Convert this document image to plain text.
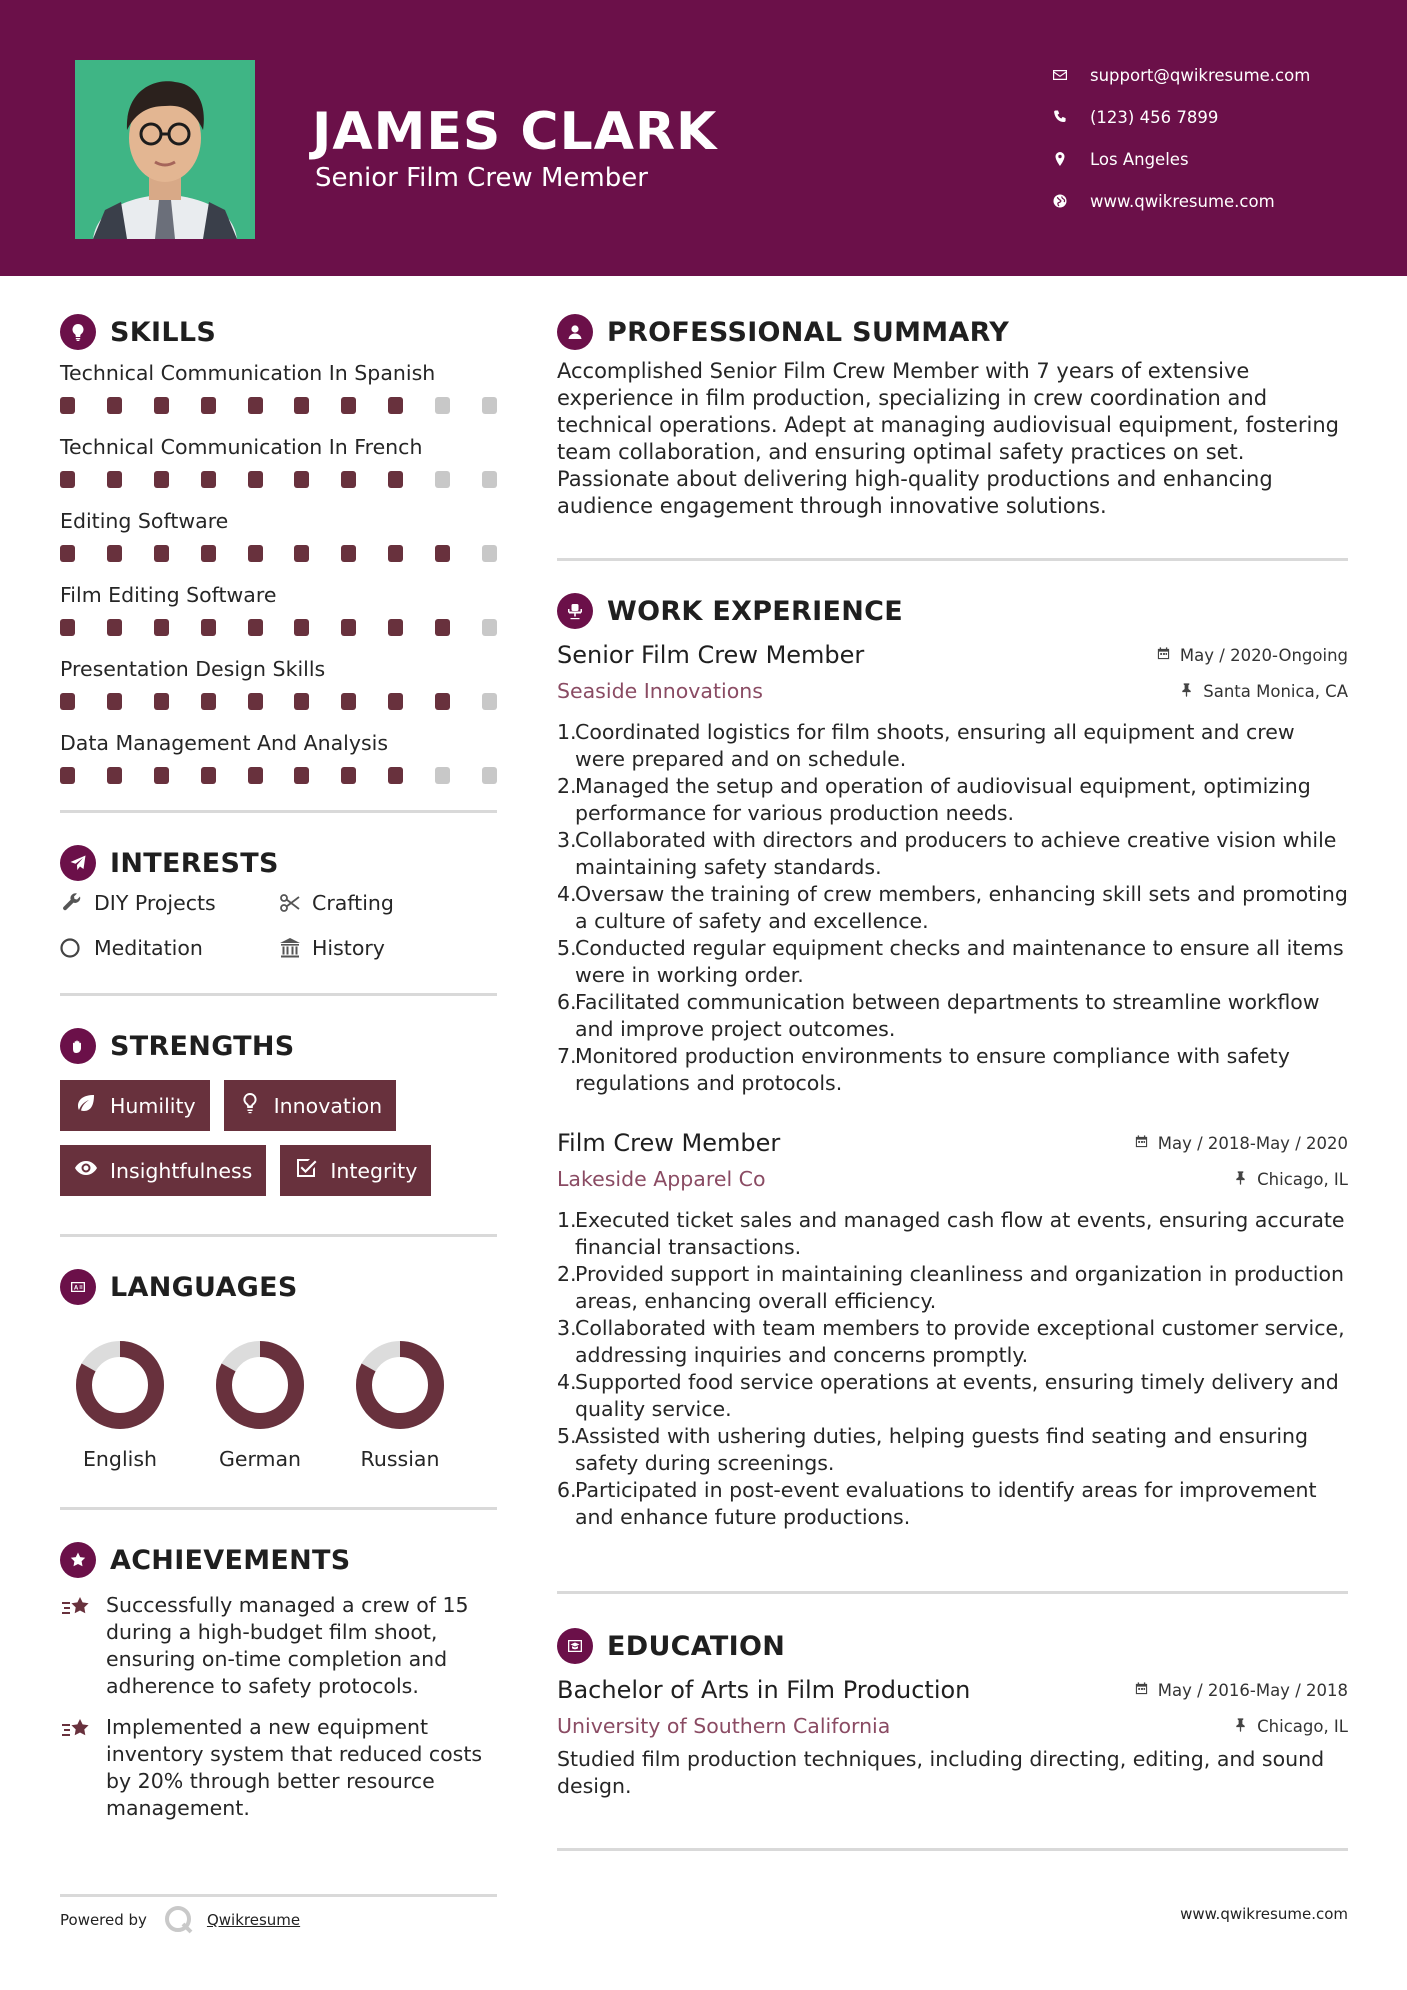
JAMES CLARK
Senior Film Crew Member
support@qwikresume.com
(123) 456 7899
Los Angeles
www.qwikresume.com
SKILLS
Technical Communication In Spanish
Technical Communication In French
Editing Software
Film Editing Software
Presentation Design Skills
Data Management And Analysis
INTERESTS
DIY Projects	Crafting
Meditation	History
STRENGTHS
Humility	Innovation
Insightfulness	Integrity
LANGUAGES
English	German	Russian
ACHIEVEMENTS
Successfully managed a crew of 15 during a high-budget film shoot, ensuring on-time completion and adherence to safety protocols.
Implemented a new equipment inventory system that reduced costs by 20% through better resource management.
PROFESSIONAL SUMMARY
Accomplished Senior Film Crew Member with 7 years of extensive experience in film production, specializing in crew coordination and technical operations. Adept at managing audiovisual equipment, fostering team collaboration, and ensuring optimal safety practices on set. Passionate about delivering high-quality productions and enhancing audience engagement through innovative solutions.
WORK EXPERIENCE
Senior Film Crew Member	May / 2020-Ongoing
Seaside Innovations	Santa Monica, CA
Coordinated logistics for film shoots, ensuring all equipment and crew were prepared and on schedule.
Managed the setup and operation of audiovisual equipment, optimizing performance for various production needs.
Collaborated with directors and producers to achieve creative vision while maintaining safety standards.
Oversaw the training of crew members, enhancing skill sets and promoting a culture of safety and excellence.
Conducted regular equipment checks and maintenance to ensure all items were in working order.
Facilitated communication between departments to streamline workflow and improve project outcomes.
Monitored production environments to ensure compliance with safety regulations and protocols.
Film Crew Member	May / 2018-May / 2020
Lakeside Apparel Co	Chicago, IL
Executed ticket sales and managed cash flow at events, ensuring accurate financial transactions.
Provided support in maintaining cleanliness and organization in production areas, enhancing overall efficiency.
Collaborated with team members to provide exceptional customer service, addressing inquiries and concerns promptly.
Supported food service operations at events, ensuring timely delivery and quality service.
Assisted with ushering duties, helping guests find seating and ensuring safety during screenings.
Participated in post-event evaluations to identify areas for improvement and enhance future productions.
EDUCATION
Bachelor of Arts in Film Production	May / 2016-May / 2018
University of Southern California	Chicago, IL
Studied film production techniques, including directing, editing, and sound design.
Powered by	Qwikresume	www.qwikresume.com
